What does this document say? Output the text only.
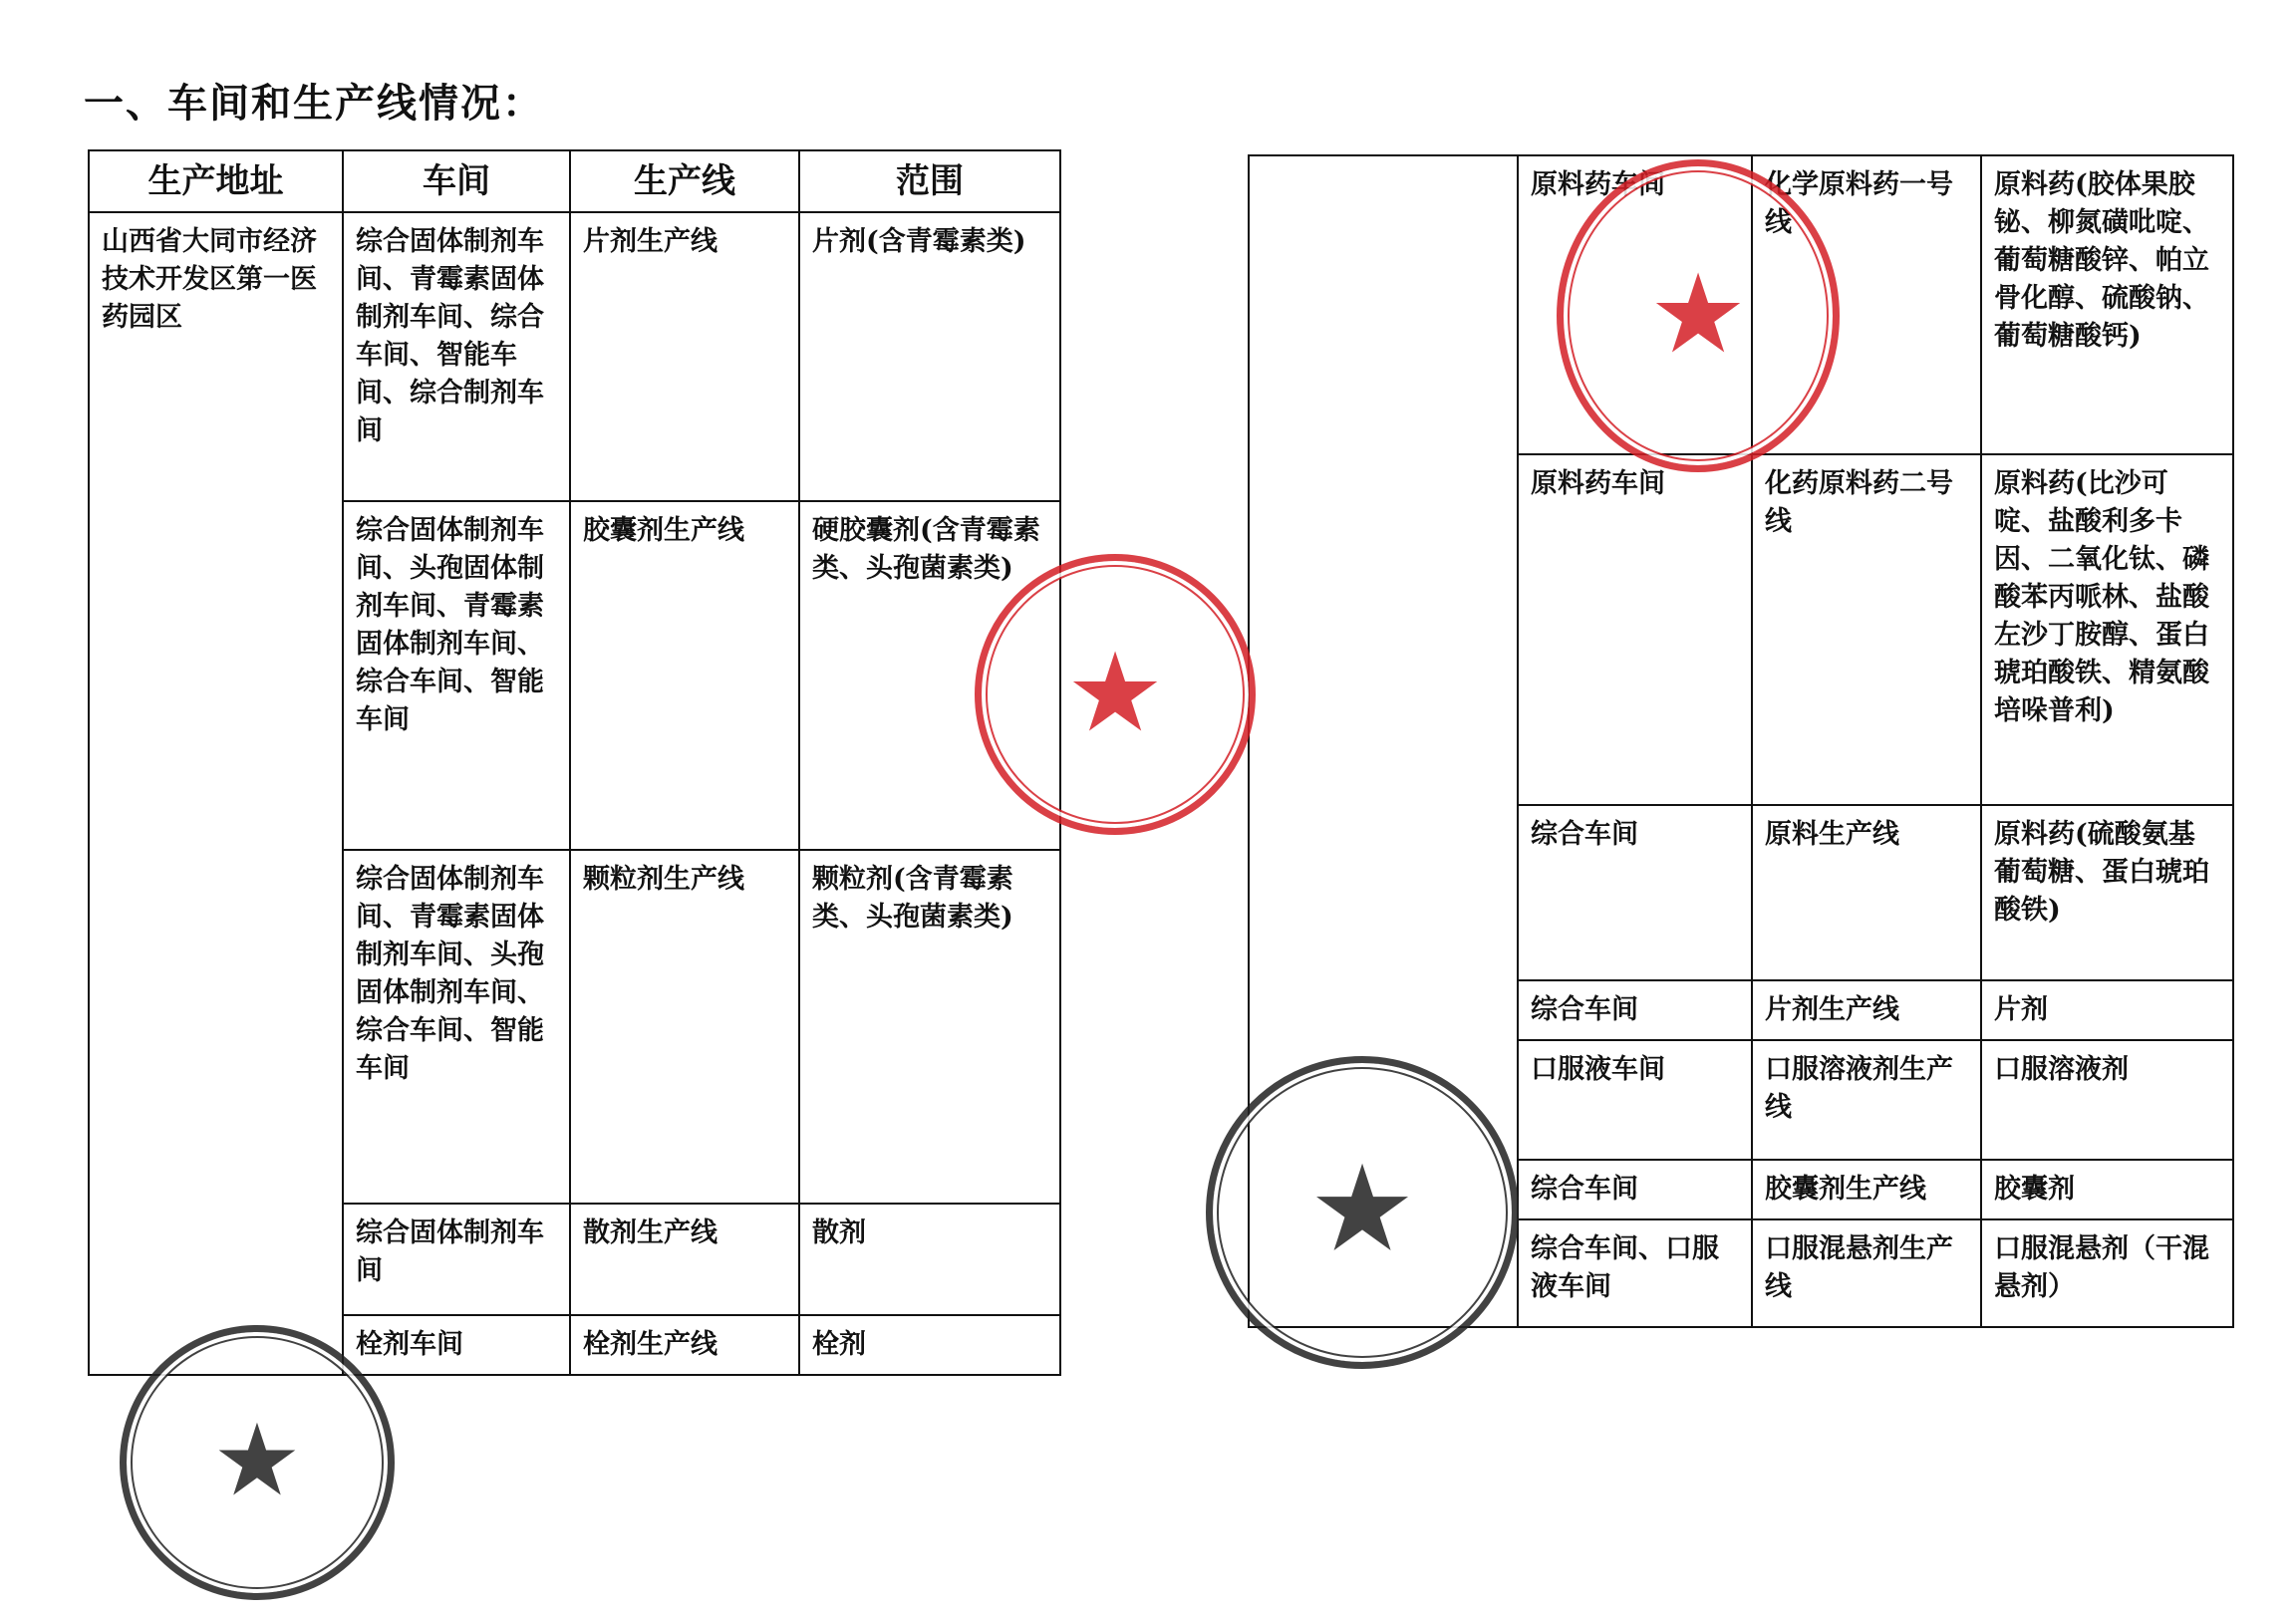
一、车间和生产线情况：
生产地址	车间	生产线	范围
山西省大同市经济技术开发区第一医药园区	综合固体制剂车间、青霉素固体制剂车间、综合车间、智能车间、综合制剂车间	片剂生产线	片剂(含青霉素类)
	综合固体制剂车间、头孢固体制剂车间、青霉素固体制剂车间、综合车间、智能车间	胶囊剂生产线	硬胶囊剂(含青霉素类、头孢菌素类)
	综合固体制剂车间、青霉素固体制剂车间、头孢固体制剂车间、综合车间、智能车间	颗粒剂生产线	颗粒剂(含青霉素类、头孢菌素类)
	综合固体制剂车间	散剂生产线	散剂
	栓剂车间	栓剂生产线	栓剂
	原料药车间	化学原料药一号线	原料药(胶体果胶铋、柳氮磺吡啶、葡萄糖酸锌、帕立骨化醇、硫酸钠、葡萄糖酸钙)
	原料药车间	化药原料药二号线	原料药(比沙可啶、盐酸利多卡因、二氧化钛、磷酸苯丙哌林、盐酸左沙丁胺醇、蛋白琥珀酸铁、精氨酸培哚普利)
	综合车间	原料生产线	原料药(硫酸氨基葡萄糖、蛋白琥珀酸铁)
	综合车间	片剂生产线	片剂
	口服液车间	口服溶液剂生产线	口服溶液剂
	综合车间	胶囊剂生产线	胶囊剂
	综合车间、口服液车间	口服混悬剂生产线	口服混悬剂（干混悬剂）
★
★
★
★
